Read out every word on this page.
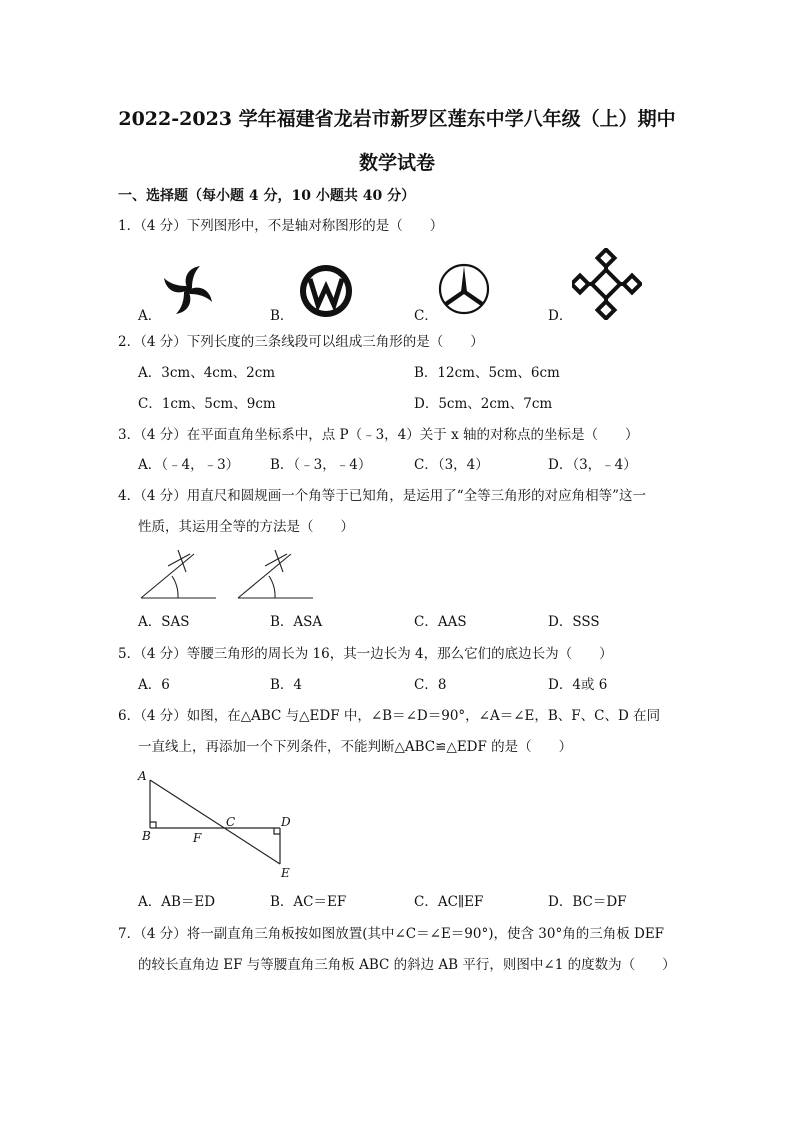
2022-2023 学年福建省龙岩市新罗区莲东中学八年级（上）期中
数学试卷
一、选择题（每小题 4 分，10 小题共 40 分）
1．（4 分）下列图形中，不是轴对称图形的是（　　）
A．	B．	C．	D．
2．（4 分）下列长度的三条线段可以组成三角形的是（　　）
A．3cm、4cm、2cm	B．12cm、5cm、6cm
C．1cm、5cm、9cm	D．5cm、2cm、7cm
3．（4 分）在平面直角坐标系中，点 P（﹣3，4）关于 x 轴的对称点的坐标是（　　）
A．（﹣4，﹣3） B．（﹣3，﹣4）	C．（3，4）	D．（3，﹣4）
4．（4 分）用直尺和圆规画一个角等于已知角，是运用了“全等三角形的对应角相等”这一
性质，其运用全等的方法是（　　）
A．SAS	B．ASA	C．AAS	D．SSS
5．（4 分）等腰三角形的周长为 16，其一边长为 4，那么它们的底边长为（　　）
A．6	B．4	C．8	D．4或 6
6．（4 分）如图，在△ABC 与△EDF 中，∠B＝∠D＝90°，∠A＝∠E，B、F、C、D 在同
一直线上，再添加一个下列条件，不能判断△ABC≌△EDF 的是（　　）
A
B
C	D
E
F
A．AB＝ED	B．AC＝EF	C．AC∥EF	D．BC＝DF
7．（4 分）将一副直角三角板按如图放置(其中∠C＝∠E＝90°)，使含 30°角的三角板 DEF
的较长直角边 EF 与等腰直角三角板 ABC 的斜边 AB 平行，则图中∠1 的度数为（　　）
